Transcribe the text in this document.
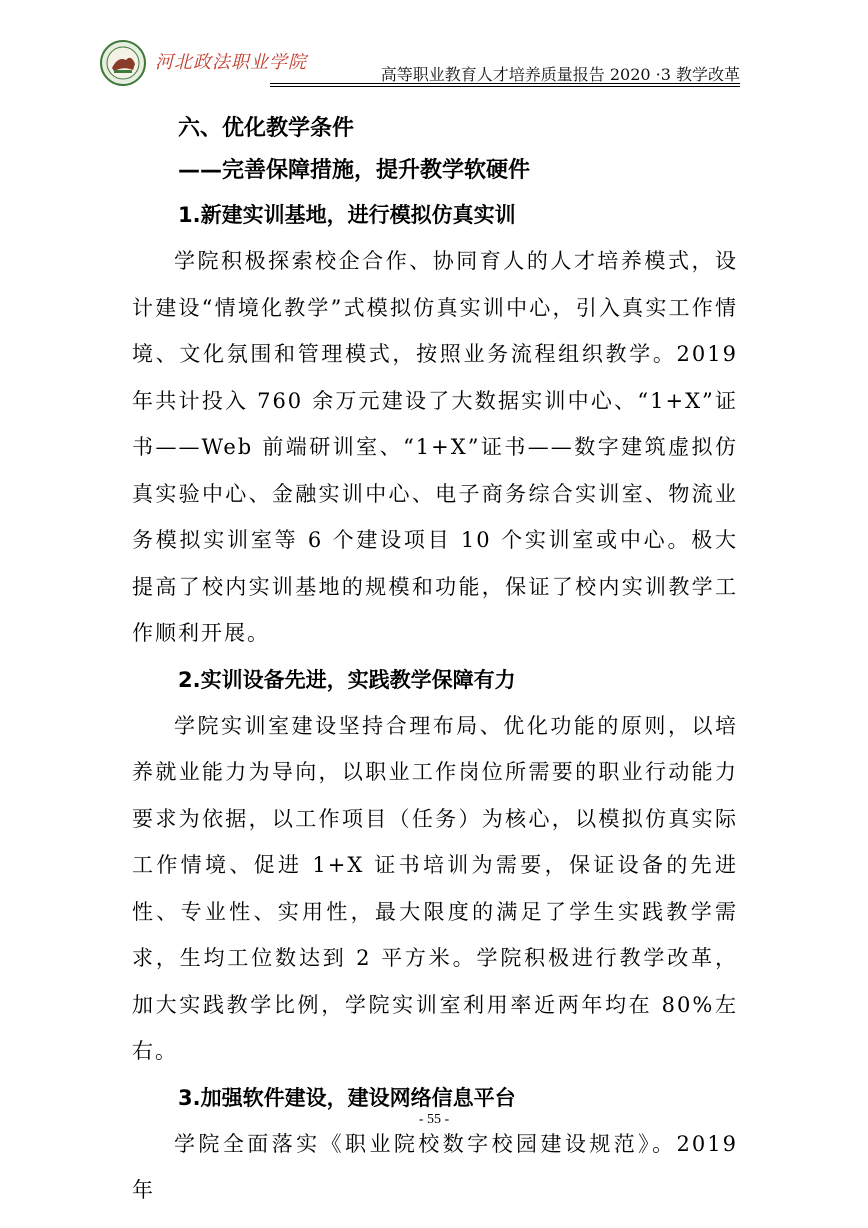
河北政法职业学院
高等职业教育人才培养质量报告 2020 ·3 教学改革
六、优化教学条件
——完善保障措施，提升教学软硬件
1.新建实训基地，进行模拟仿真实训

学院积极探索校企合作、协同育人的人才培养模式，设计建设“情境化教学”式模拟仿真实训中心，引入真实工作情境、文化氛围和管理模式，按照业务流程组织教学。2019年共计投入 760 余万元建设了大数据实训中心、“1+X”证书——Web 前端研训室、“1+X”证书——数字建筑虚拟仿真实验中心、金融实训中心、电子商务综合实训室、物流业务模拟实训室等 6 个建设项目 10 个实训室或中心。极大提高了校内实训基地的规模和功能，保证了校内实训教学工作顺利开展。

2.实训设备先进，实践教学保障有力

学院实训室建设坚持合理布局、优化功能的原则，以培养就业能力为导向，以职业工作岗位所需要的职业行动能力要求为依据，以工作项目（任务）为核心，以模拟仿真实际工作情境、促进 1+X 证书培训为需要，保证设备的先进性、专业性、实用性，最大限度的满足了学生实践教学需求，生均工位数达到 2 平方米。学院积极进行教学改革，加大实践教学比例，学院实训室利用率近两年均在 80%左右。

3.加强软件建设，建设网络信息平台

学院全面落实《职业院校数字校园建设规范》。2019 年

- 55 -
